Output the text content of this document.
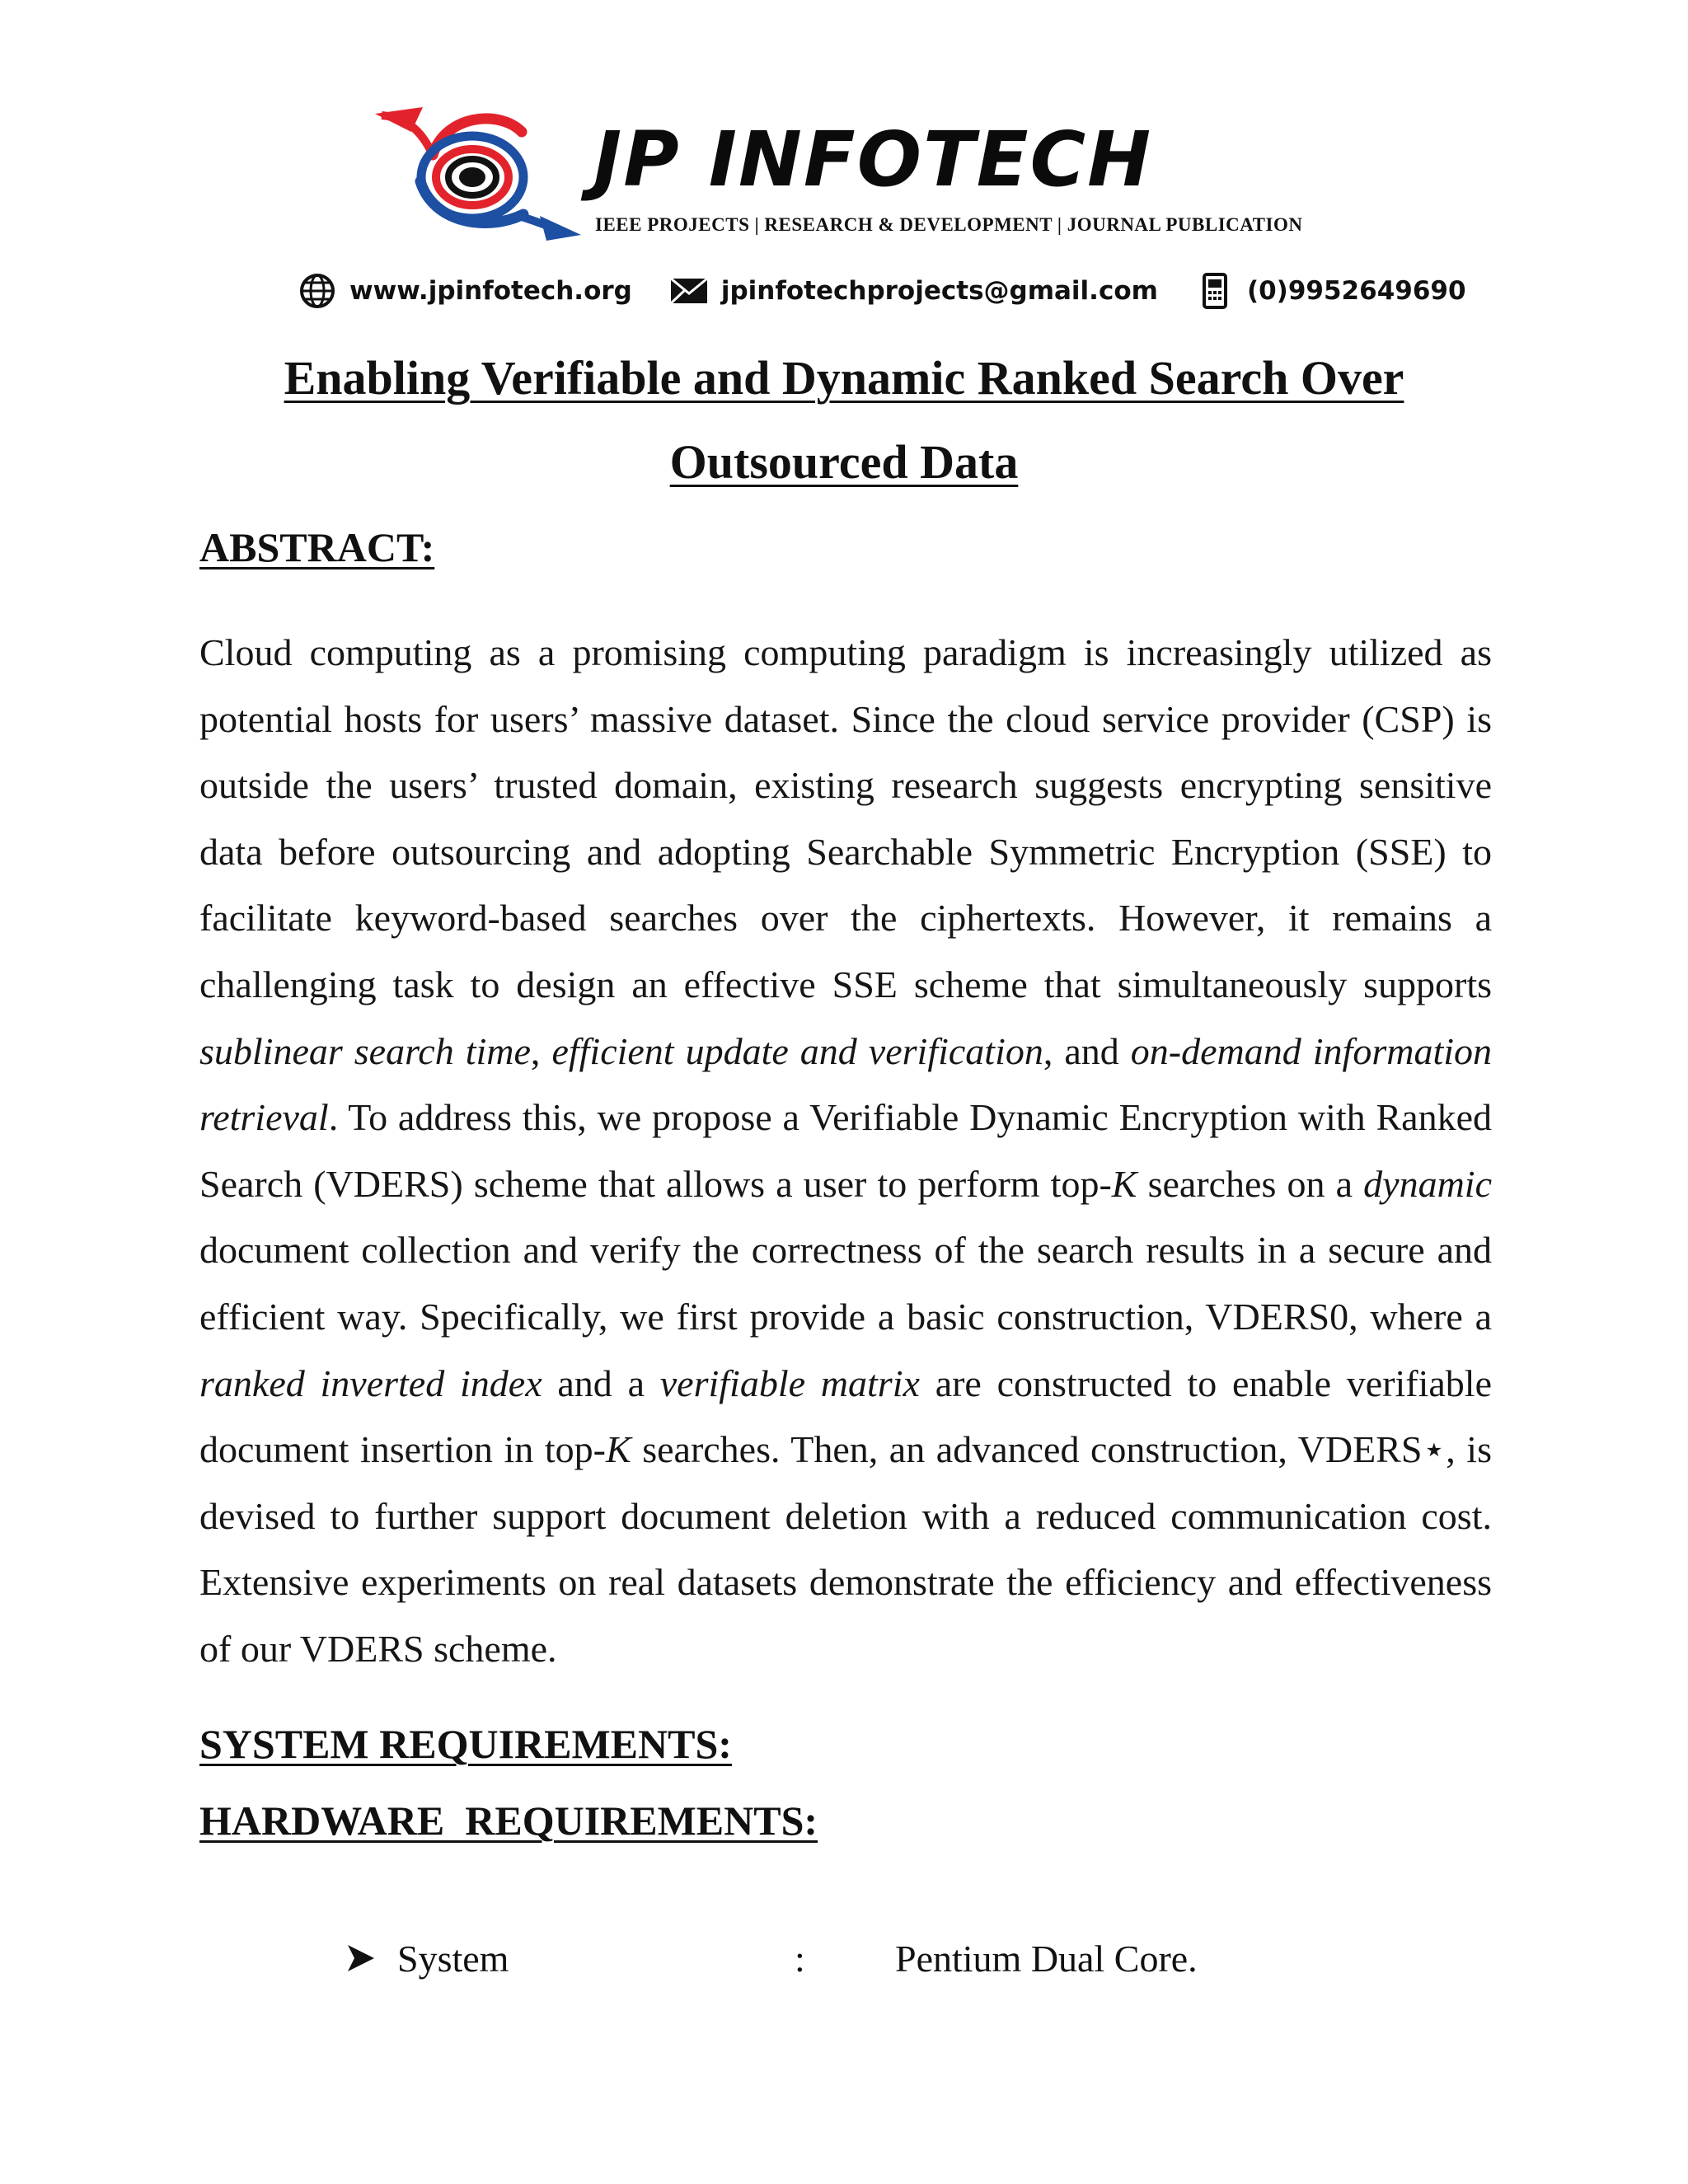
JP INFOTECH
IEEE PROJECTS | RESEARCH & DEVELOPMENT | JOURNAL PUBLICATION
www.jpinfotech.org	jpinfotechprojects@gmail.com	(0)9952649690
Enabling Verifiable and Dynamic Ranked Search Over
Outsourced Data
ABSTRACT:
Cloud computing as a promising computing paradigm is increasingly utilized as potential hosts for users’ massive dataset. Since the cloud service provider (CSP) is outside the users’ trusted domain, existing research suggests encrypting sensitive data before outsourcing and adopting Searchable Symmetric Encryption (SSE) to facilitate keyword-based searches over the ciphertexts. However, it remains a challenging task to design an effective SSE scheme that simultaneously supports sublinear search time, efficient update and verification, and on-demand information retrieval. To address this, we propose a Verifiable Dynamic Encryption with Ranked Search (VDERS) scheme that allows a user to perform top-K searches on a dynamic document collection and verify the correctness of the search results in a secure and efficient way. Specifically, we first provide a basic construction, VDERS0, where a ranked inverted index and a verifiable matrix are constructed to enable verifiable document insertion in top-K searches. Then, an advanced construction, VDERS⋆, is devised to further support document deletion with a reduced communication cost. Extensive experiments on real datasets demonstrate the efficiency and effectiveness of our VDERS scheme.
SYSTEM REQUIREMENTS:
HARDWARE  REQUIREMENTS:
System	: Pentium Dual Core.
